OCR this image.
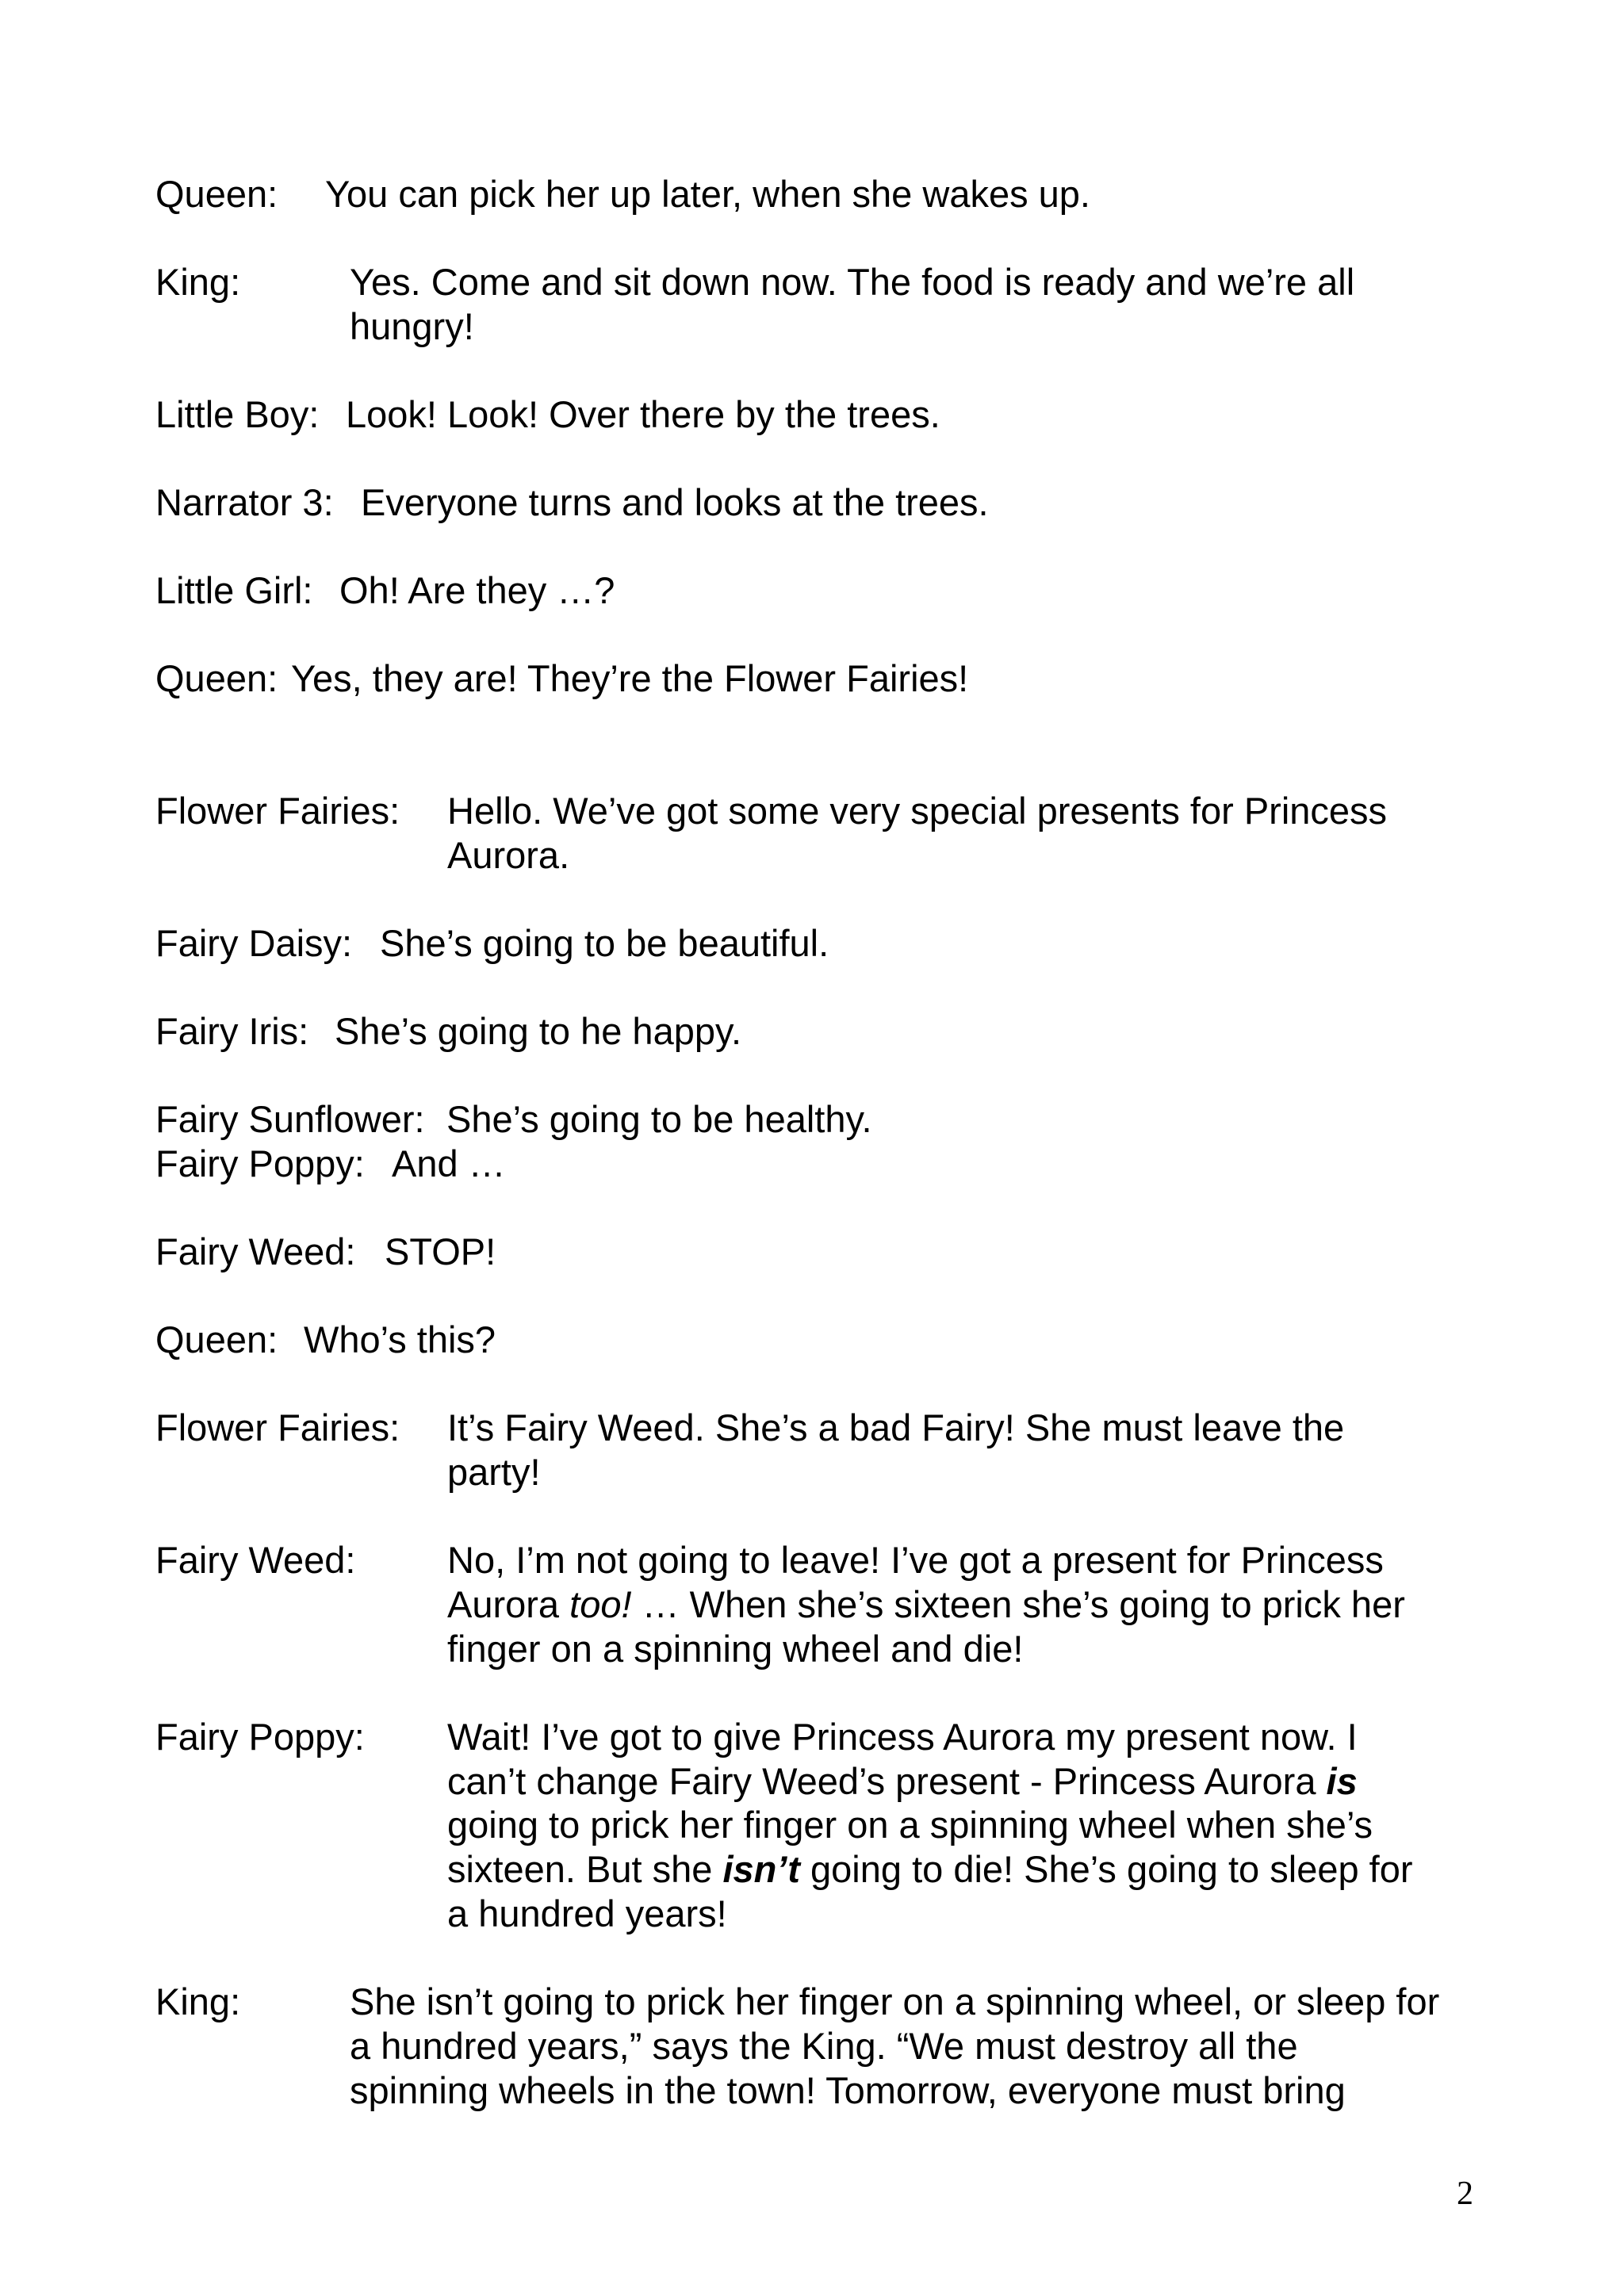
2
Queen: You can pick her up later, when she wakes up.
King:	Yes. Come and sit down now. The food is ready and we’re all
hungry!
Little Boy: Look! Look! Over there by the trees.
Narrator 3: Everyone turns and looks at the trees.
Little Girl: Oh! Are they …?
Queen: Yes, they are! They’re the Flower Fairies!
Flower Fairies: Hello. We’ve got some very special presents for Princess
Aurora.
Fairy Daisy: She’s going to be beautiful.
Fairy Iris: She’s going to he happy.
Fairy Sunflower: She’s going to be healthy.
Fairy Poppy: And …
Fairy Weed: STOP!
Queen: Who’s this?
Flower Fairies: It’s Fairy Weed. She’s a bad Fairy! She must leave the
party!
Fairy Weed: No, I’m not going to leave! I’ve got a present for Princess
Aurora too! … When she’s sixteen she’s going to prick her
finger on a spinning wheel and die!
Fairy Poppy: Wait! I’ve got to give Princess Aurora my present now. I
can’t change Fairy Weed’s present - Princess Aurora is
going to prick her finger on a spinning wheel when she’s
sixteen. But she isn’t going to die! She’s going to sleep for
a hundred years!
King:	She isn’t going to prick her finger on a spinning wheel, or sleep for
a hundred years,” says the King. “We must destroy all the
spinning wheels in the town! Tomorrow, everyone must bring
